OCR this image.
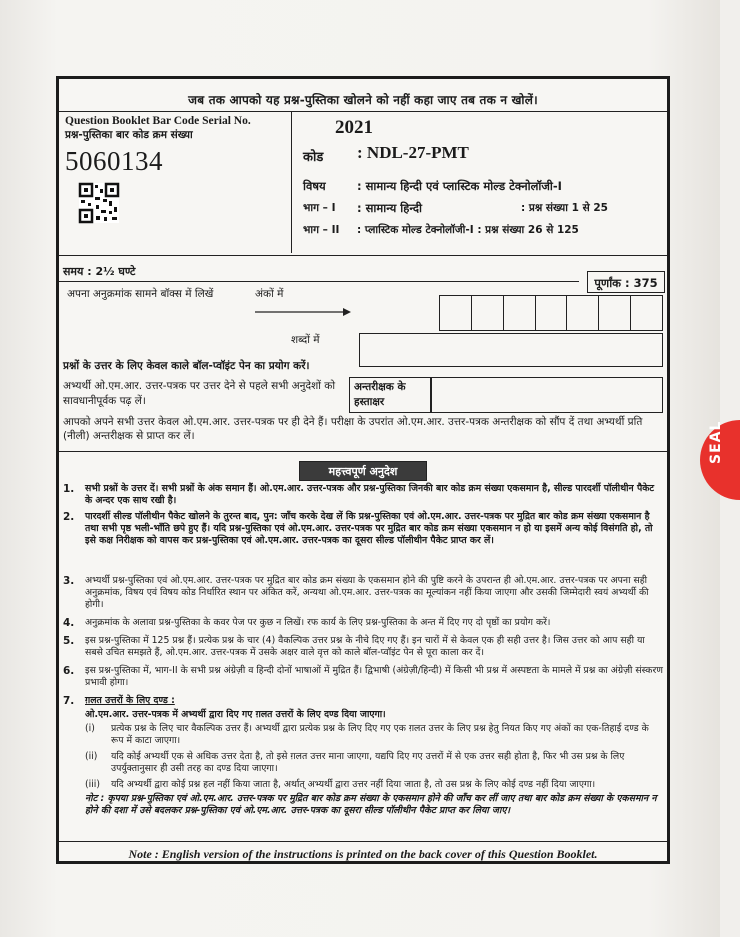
जब तक आपको यह प्रश्न-पुस्तिका खोलने को नहीं कहा जाए तब तक न खोलें।
Question Booklet Bar Code Serial No.
प्रश्न-पुस्तिका बार कोड क्रम संख्या
5060134
2021
कोड : NDL-27-PMT
विषय	: सामान्य हिन्दी एवं प्लास्टिक मोल्ड टेक्नोलॉजी-I
भाग – I : सामान्य हिन्दी	: प्रश्न संख्या 1 से 25
भाग – II : प्लास्टिक मोल्ड टेक्नोलॉजी-I : प्रश्न संख्या 26 से 125
समय : 2½ घण्टे
पूर्णांक : 375
अपना अनुक्रमांक सामने बॉक्स में लिखें	अंकों में
शब्दों में
प्रश्नों के उत्तर के लिए केवल काले बॉल-प्वॉइंट पेन का प्रयोग करें।
अभ्यर्थी ओ.एम.आर. उत्तर-पत्रक पर उत्तर देने से पहले सभी अनुदेशों को सावधानीपूर्वक पढ़ लें।
अन्तरीक्षक के हस्ताक्षर
आपको अपने सभी उत्तर केवल ओ.एम.आर. उत्तर-पत्रक पर ही देने हैं। परीक्षा के उपरांत ओ.एम.आर. उत्तर-पत्रक अन्तरीक्षक को सौंप दें तथा अभ्यर्थी प्रति (नीली) अन्तरीक्षक से प्राप्त कर लें।
महत्त्वपूर्ण अनुदेश
1. सभी प्रश्नों के उत्तर दें। सभी प्रश्नों के अंक समान हैं। ओ.एम.आर. उत्तर-पत्रक और प्रश्न-पुस्तिका जिनकी बार कोड क्रम संख्या एकसमान है, सील्ड पारदर्शी पॉलीथीन पैकेट के अन्दर एक साथ रखी है।
2. पारदर्शी सील्ड पॉलीथीन पैकेट खोलने के तुरन्त बाद, पुन: जाँच करके देख लें कि प्रश्न-पुस्तिका एवं ओ.एम.आर. उत्तर-पत्रक पर मुद्रित बार कोड क्रम संख्या एकसमान है तथा सभी पृष्ठ भली-भाँति छपे हुए हैं। यदि प्रश्न-पुस्तिका एवं ओ.एम.आर. उत्तर-पत्रक पर मुद्रित बार कोड क्रम संख्या एकसमान न हो या इसमें अन्य कोई विसंगति हो, तो इसे कक्ष निरीक्षक को वापस कर प्रश्न-पुस्तिका एवं ओ.एम.आर. उत्तर-पत्रक का दूसरा सील्ड पॉलीथीन पैकेट प्राप्त कर लें।
3. अभ्यर्थी प्रश्न-पुस्तिका एवं ओ.एम.आर. उत्तर-पत्रक पर मुद्रित बार कोड क्रम संख्या के एकसमान होने की पुष्टि करने के उपरान्त ही ओ.एम.आर. उत्तर-पत्रक पर अपना सही अनुक्रमांक, विषय एवं विषय कोड निर्धारित स्थान पर अंकित करें, अन्यथा ओ.एम.आर. उत्तर-पत्रक का मूल्यांकन नहीं किया जाएगा और उसकी जिम्मेदारी स्वयं अभ्यर्थी की होगी।
4. अनुक्रमांक के अलावा प्रश्न-पुस्तिका के कवर पेज पर कुछ न लिखें। रफ कार्य के लिए प्रश्न-पुस्तिका के अन्त में दिए गए दो पृष्ठों का प्रयोग करें।
5. इस प्रश्न-पुस्तिका में 125 प्रश्न हैं। प्रत्येक प्रश्न के चार (4) वैकल्पिक उत्तर प्रश्न के नीचे दिए गए हैं। इन चारों में से केवल एक ही सही उत्तर है। जिस उत्तर को आप सही या सबसे उचित समझते हैं, ओ.एम.आर. उत्तर-पत्रक में उसके अक्षर वाले वृत्त को काले बॉल-प्वॉइंट पेन से पूरा काला कर दें।
6. इस प्रश्न-पुस्तिका में, भाग-II के सभी प्रश्न अंग्रेज़ी व हिन्दी दोनों भाषाओं में मुद्रित हैं। द्विभाषी (अंग्रेज़ी/हिन्दी) में किसी भी प्रश्न में अस्पष्टता के मामले में प्रश्न का अंग्रेज़ी संस्करण प्रभावी होगा।
7. ग़लत उत्तरों के लिए दण्ड :
ओ.एम.आर. उत्तर-पत्रक में अभ्यर्थी द्वारा दिए गए ग़लत उत्तरों के लिए दण्ड दिया जाएगा।
(i) प्रत्येक प्रश्न के लिए चार वैकल्पिक उत्तर हैं। अभ्यर्थी द्वारा प्रत्येक प्रश्न के लिए दिए गए एक ग़लत उत्तर के लिए प्रश्न हेतु नियत किए गए अंकों का एक-तिहाई दण्ड के रूप में काटा जाएगा।
(ii) यदि कोई अभ्यर्थी एक से अधिक उत्तर देता है, तो इसे ग़लत उत्तर माना जाएगा, यद्यपि दिए गए उत्तरों में से एक उत्तर सही होता है, फिर भी उस प्रश्न के लिए उपर्युक्तानुसार ही उसी तरह का दण्ड दिया जाएगा।
(iii) यदि अभ्यर्थी द्वारा कोई प्रश्न हल नहीं किया जाता है, अर्थात् अभ्यर्थी द्वारा उत्तर नहीं दिया जाता है, तो उस प्रश्न के लिए कोई दण्ड नहीं दिया जाएगा।
नोट : कृपया प्रश्न-पुस्तिका एवं ओ.एम.आर. उत्तर-पत्रक पर मुद्रित बार कोड क्रम संख्या के एकसमान होने की जाँच कर लीं जाए तथा बार कोड क्रम संख्या के एकसमान न होने की दशा में उसे बदलकर प्रश्न-पुस्तिका एवं ओ.एम.आर. उत्तर-पत्रक का दूसरा सील्ड पॉलीथीन पैकेट प्राप्त कर लिया जाए।
Note : English version of the instructions is printed on the back cover of this Question Booklet.
SEAL
